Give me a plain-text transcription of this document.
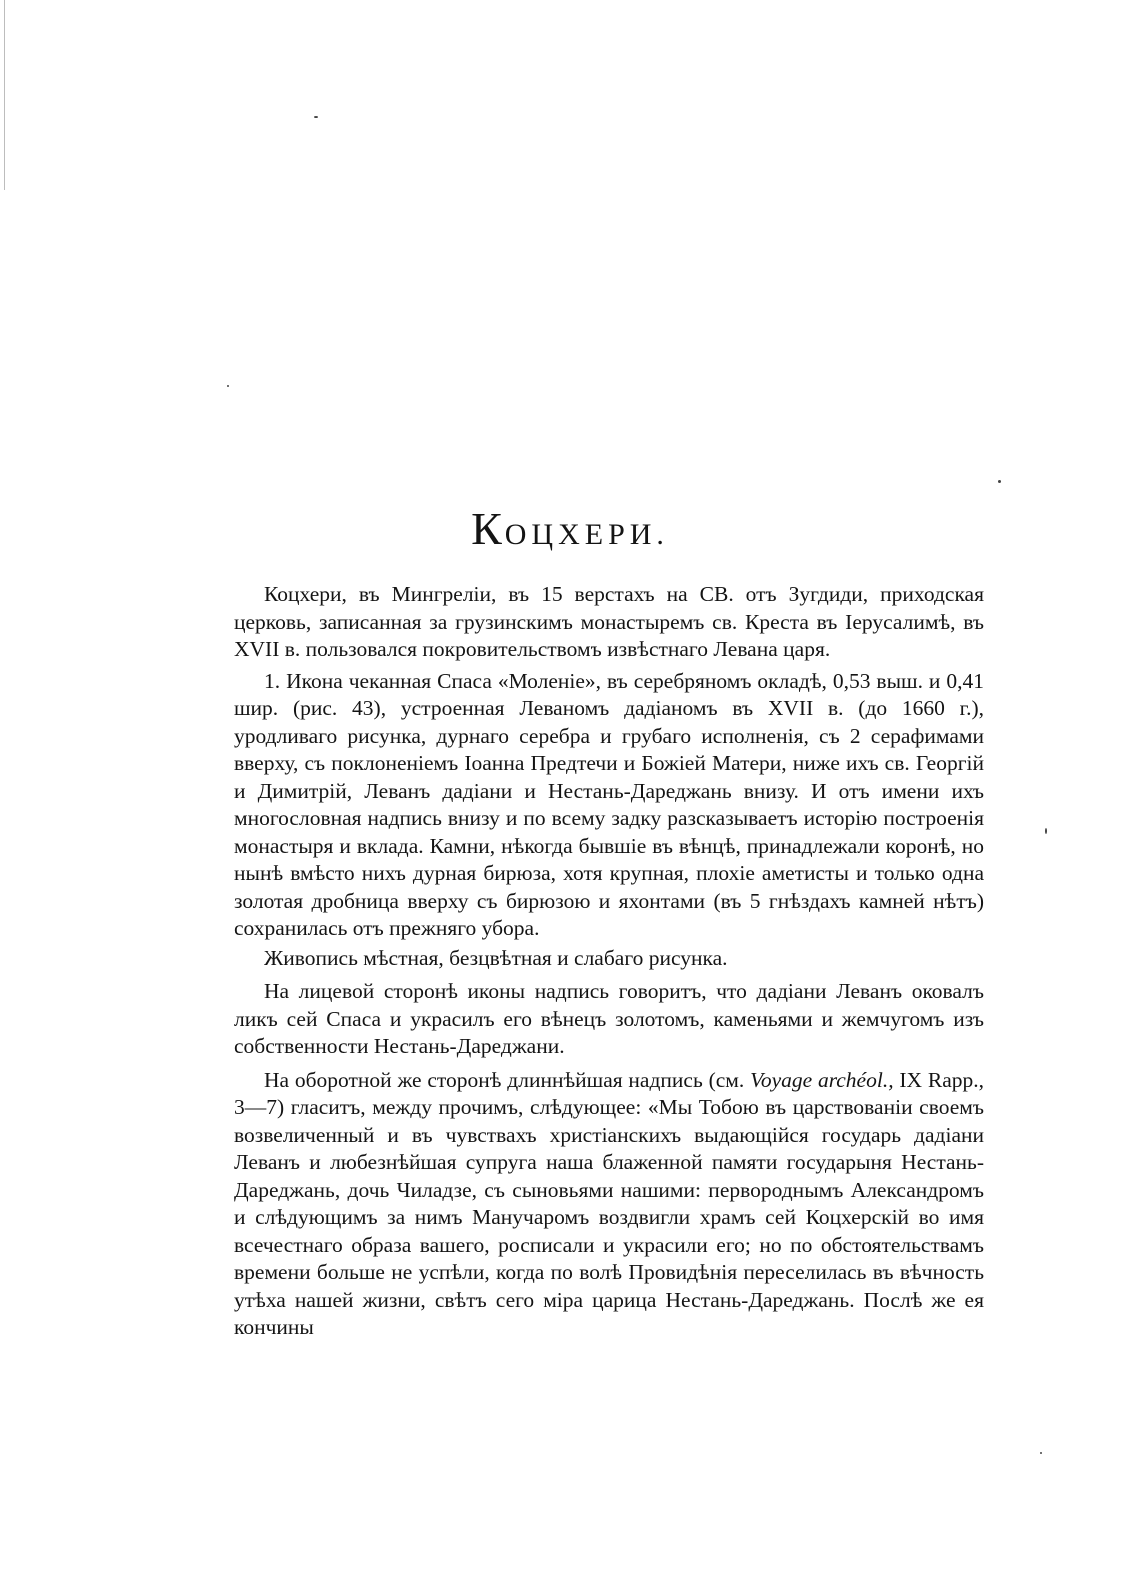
КОЦХЕРИ.

Коцхери, въ Мингреліи, въ 15 верстахъ на СВ. отъ Зугдиди, приходская церковь, записанная за грузинскимъ монастыремъ св. Креста въ Іерусалимѣ, въ XVII в. пользовался покровительствомъ извѣстнаго Левана царя.

1. Икона чеканная Спаса «Моленіе», въ серебряномъ окладѣ, 0,53 выш. и 0,41 шир. (рис. 43), устроенная Леваномъ дадіаномъ въ XVII в. (до 1660 г.), уродливаго рисунка, дурнаго серебра и грубаго исполненія, съ 2 серафимами вверху, съ поклоненіемъ Іоанна Предтечи и Божіей Матери, ниже ихъ св. Георгій и Димитрій, Леванъ дадіани и Нестань-Дареджань внизу. И отъ имени ихъ многословная надпись внизу и по всему задку разсказываетъ исторію построенія монастыря и вклада. Камни, нѣкогда бывшіе въ вѣнцѣ, принадлежали коронѣ, но нынѣ вмѣсто нихъ дурная бирюза, хотя крупная, плохіе аметисты и только одна золотая дробница вверху съ бирюзою и яхонтами (въ 5 гнѣздахъ камней нѣтъ) сохранилась отъ прежняго убора.

Живопись мѣстная, безцвѣтная и слабаго рисунка.

На лицевой сторонѣ иконы надпись говоритъ, что дадіани Леванъ оковалъ ликъ сей Спаса и украсилъ его вѣнецъ золотомъ, каменьями и жемчугомъ изъ собственности Нестань-Дареджани.

На оборотной же сторонѣ длиннѣйшая надпись (см. Voyage archéol., IX Rapp., 3—7) гласитъ, между прочимъ, слѣдующее: «Мы Тобою въ царствованіи своемъ возвеличенный и въ чувствахъ христіанскихъ выдающійся государь дадіани Леванъ и любезнѣйшая супруга наша блаженной памяти государыня Нестань-Дареджань, дочь Чиладзе, съ сыновьями нашими: первороднымъ Александромъ и слѣдующимъ за нимъ Манучаромъ воздвигли храмъ сей Коцхерскій во имя всечестнаго образа вашего, росписали и украсили его; но по обстоятельствамъ времени больше не успѣли, когда по волѣ Провидѣнія переселилась въ вѣчность утѣха нашей жизни, свѣтъ сего міра царица Нестань-Дареджань. Послѣ же ея кончины
